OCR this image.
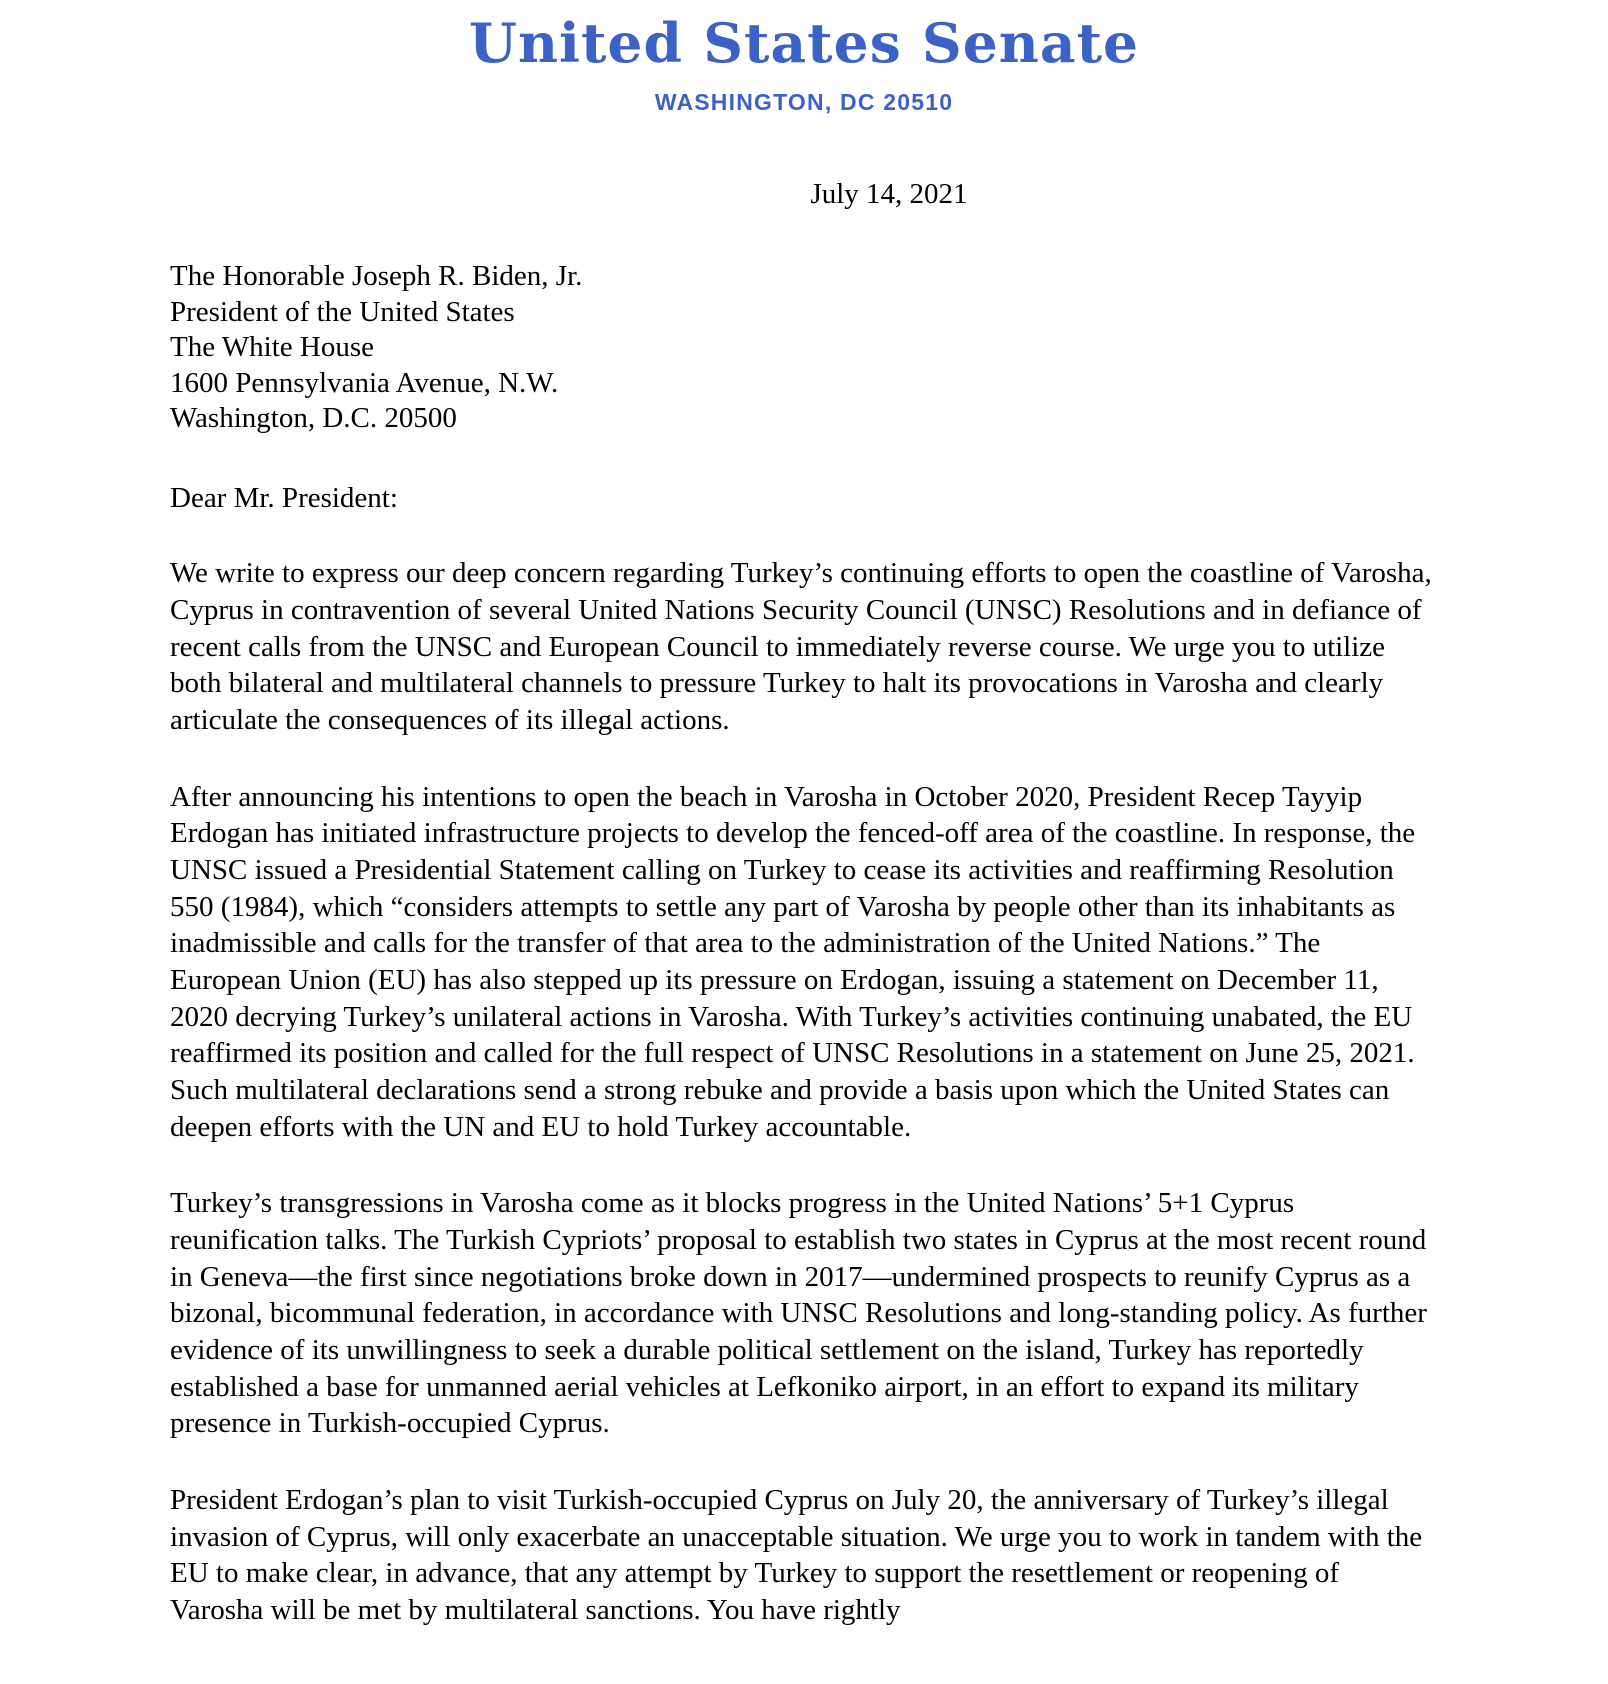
United States Senate
WASHINGTON, DC 20510
July 14, 2021
The Honorable Joseph R. Biden, Jr.
President of the United States
The White House
1600 Pennsylvania Avenue, N.W.
Washington, D.C. 20500
Dear Mr. President:

We write to express our deep concern regarding Turkey’s continuing efforts to open the coastline of Varosha, Cyprus in contravention of several United Nations Security Council (UNSC) Resolutions and in defiance of recent calls from the UNSC and European Council to immediately reverse course. We urge you to utilize both bilateral and multilateral channels to pressure Turkey to halt its provocations in Varosha and clearly articulate the consequences of its illegal actions.

After announcing his intentions to open the beach in Varosha in October 2020, President Recep Tayyip Erdogan has initiated infrastructure projects to develop the fenced-off area of the coastline. In response, the UNSC issued a Presidential Statement calling on Turkey to cease its activities and reaffirming Resolution 550 (1984), which “considers attempts to settle any part of Varosha by people other than its inhabitants as inadmissible and calls for the transfer of that area to the administration of the United Nations.” The European Union (EU) has also stepped up its pressure on Erdogan, issuing a statement on December 11, 2020 decrying Turkey’s unilateral actions in Varosha. With Turkey’s activities continuing unabated, the EU reaffirmed its position and called for the full respect of UNSC Resolutions in a statement on June 25, 2021. Such multilateral declarations send a strong rebuke and provide a basis upon which the United States can deepen efforts with the UN and EU to hold Turkey accountable.

Turkey’s transgressions in Varosha come as it blocks progress in the United Nations’ 5+1 Cyprus reunification talks. The Turkish Cypriots’ proposal to establish two states in Cyprus at the most recent round in Geneva—the first since negotiations broke down in 2017—undermined prospects to reunify Cyprus as a bizonal, bicommunal federation, in accordance with UNSC Resolutions and long-standing policy. As further evidence of its unwillingness to seek a durable political settlement on the island, Turkey has reportedly established a base for unmanned aerial vehicles at Lefkoniko airport, in an effort to expand its military presence in Turkish-occupied Cyprus.

President Erdogan’s plan to visit Turkish-occupied Cyprus on July 20, the anniversary of Turkey’s illegal invasion of Cyprus, will only exacerbate an unacceptable situation. We urge you to work in tandem with the EU to make clear, in advance, that any attempt by Turkey to support the resettlement or reopening of Varosha will be met by multilateral sanctions. You have rightly
